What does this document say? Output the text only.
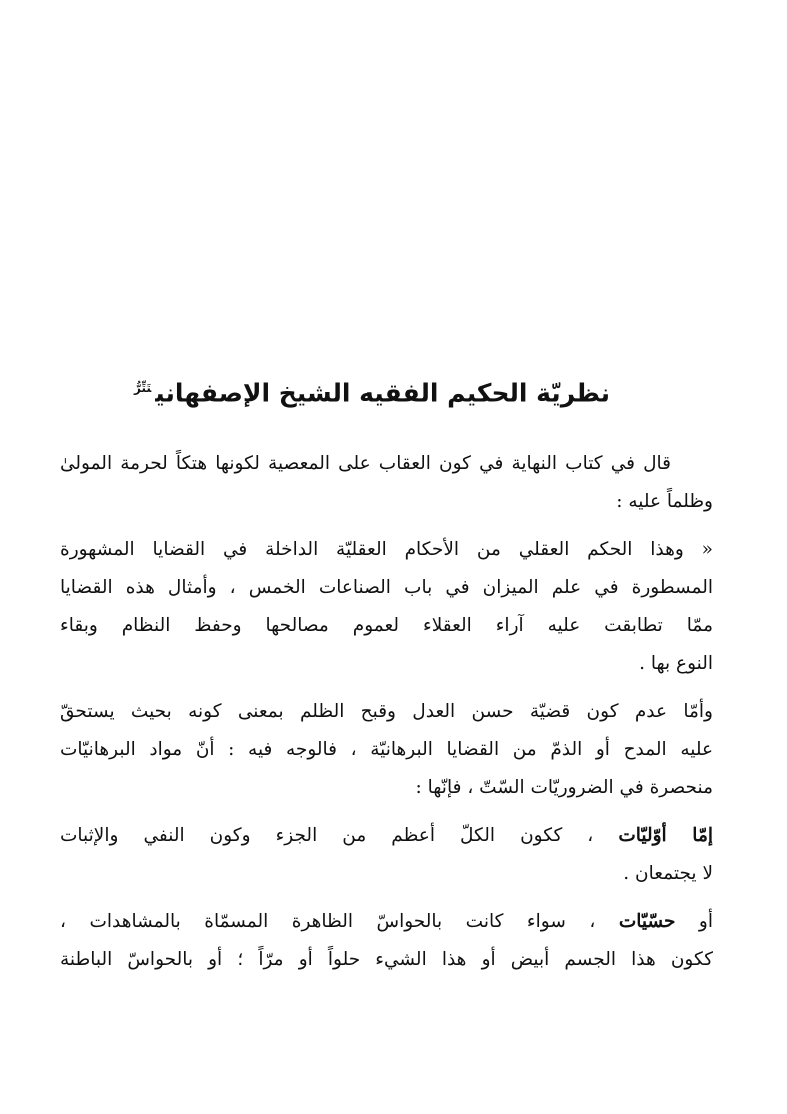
نظريّة الحكيم الفقيه الشيخ الإصفهاني$^{تَتِّرُّ}$
قال في كتاب النهاية في كون العقاب على المعصية لكونها هتكاً لحرمة المولىٰ
وظلماً عليه :
« وهذا الحكم العقلي من الأحكام العقليّة الداخلة في القضايا المشهورة
المسطورة في علم الميزان في باب الصناعات الخمس ، وأمثال هذه القضايا
ممّا تطابقت عليه آراء العقلاء لعموم مصالحها وحفظ النظام وبقاء
النوع بها .
وأمّا عدم كون قضيّة حسن العدل وقبح الظلم بمعنى كونه بحيث يستحقّ
عليه المدح أو الذمّ من القضايا البرهانيّة ، فالوجه فيه : أنّ مواد البرهانيّات
منحصرة في الضروريّات السّتّ ، فإنّها :
إمّا أوّليّات ، ككون الكلّ أعظم من الجزء وكون النفي والإثبات
لا يجتمعان .
أو حسّيّات ، سواء كانت بالحواسّ الظاهرة المسمّاة بالمشاهدات ،
ككون هذا الجسم أبيض أو هذا الشيء حلواً أو مرّاً ؛ أو بالحواسّ الباطنة
